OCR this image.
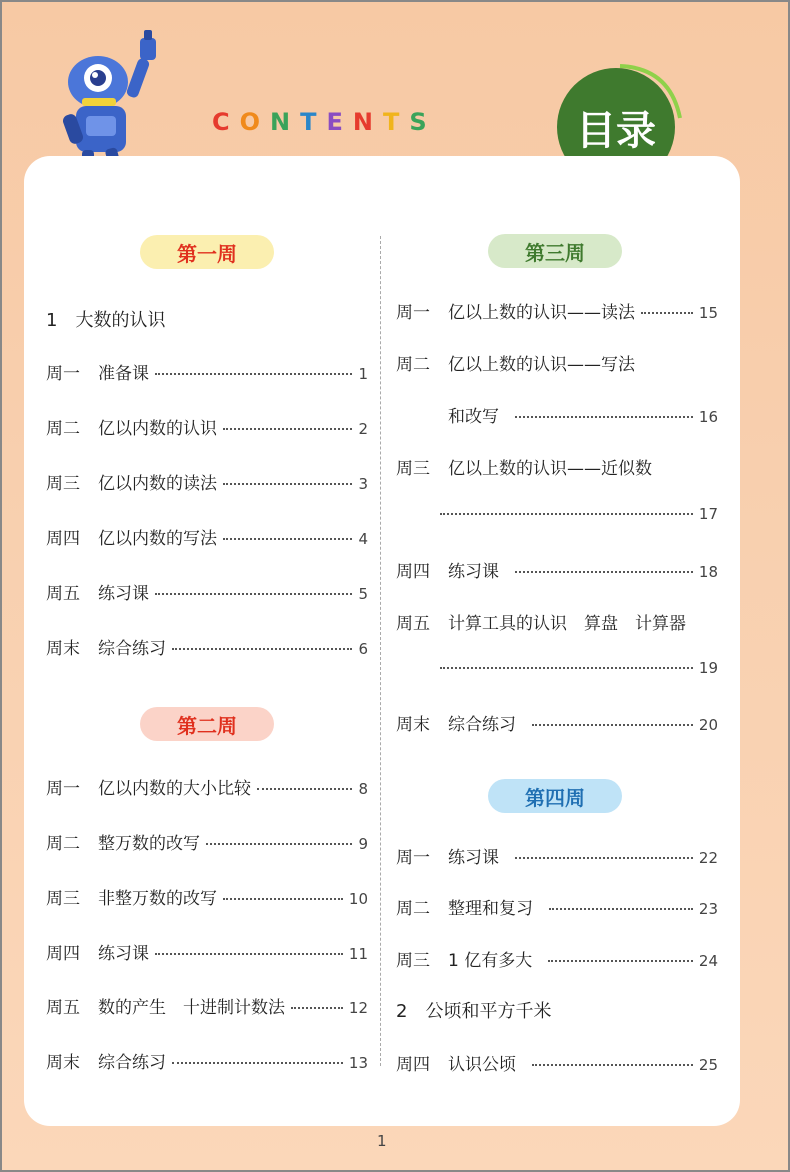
CONTENTS	目录
第一周
1　大数的认识
周一	准备课	1
周二	亿以内数的认识	2
周三	亿以内数的读法	3
周四	亿以内数的写法	4
周五	练习课	5
周末	综合练习	6
第二周
周一	亿以内数的大小比较	8
周二	整万数的改写	9
周三	非整万数的改写	10
周四	练习课	11
周五	数的产生　十进制计数法	12
周末	综合练习	13
第三周
周一	亿以上数的认识——读法	15
周二	亿以上数的认识——写法
和改写	16
周三	亿以上数的认识——近似数
17
周四	练习课	18
周五	计算工具的认识　算盘　计算器
19
周末	综合练习	20
第四周
周一	练习课	22
周二	整理和复习	23
周三	1 亿有多大	24
2　公顷和平方千米
周四	认识公顷	25
1
